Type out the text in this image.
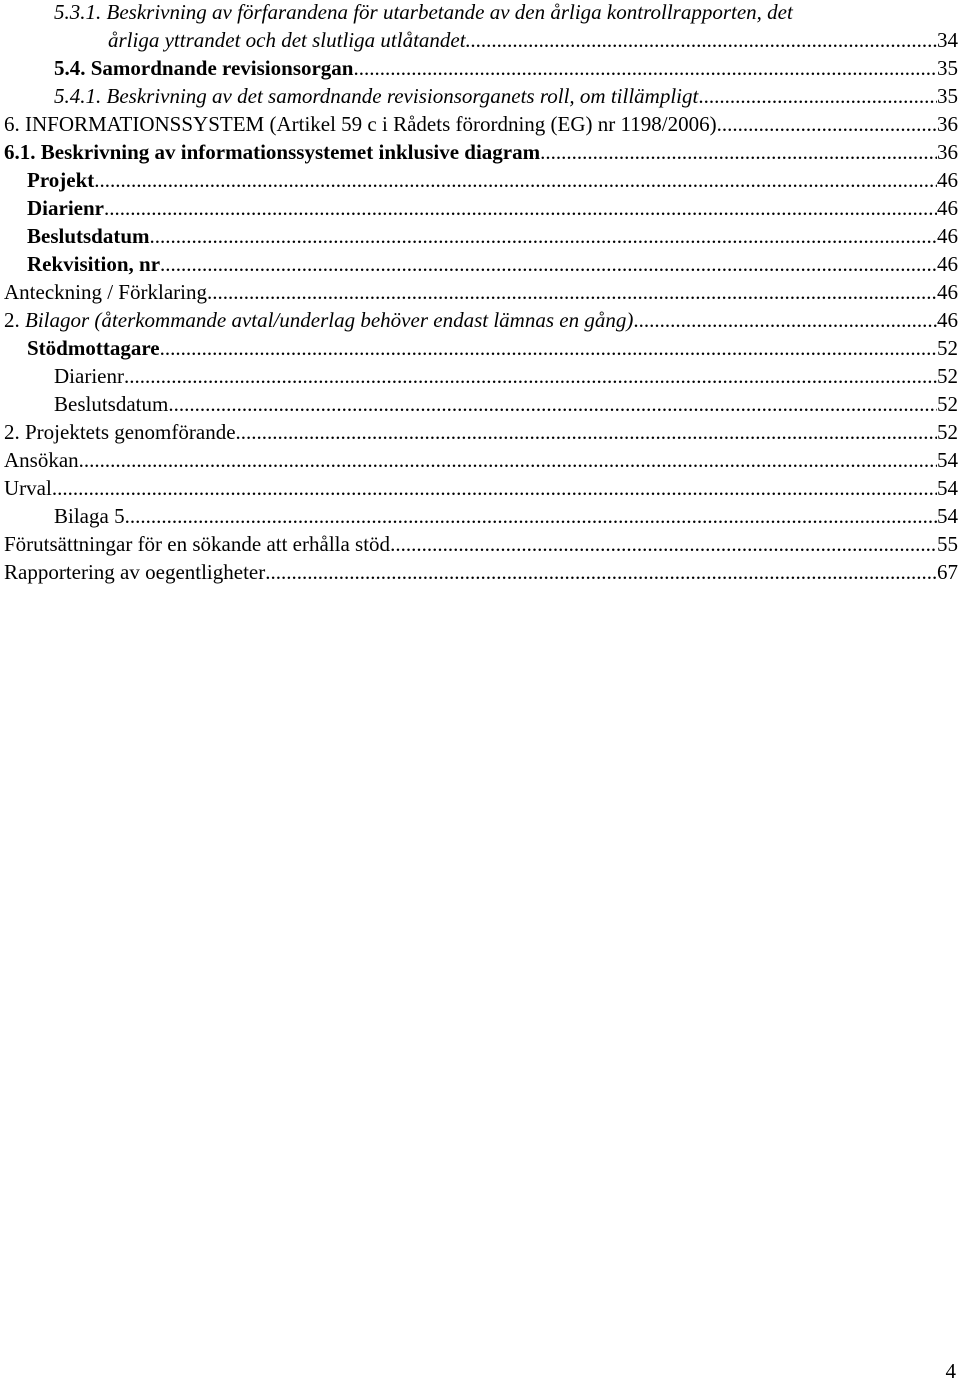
5.3.1. Beskrivning av förfarandena för utarbetande av den årliga kontrollrapporten, det
årliga yttrandet och det slutliga utlåtandet .....	34
5.4. Samordnande revisionsorgan .....	35
5.4.1. Beskrivning av det samordnande revisionsorganets roll, om tillämpligt .....	35
6. INFORMATIONSSYSTEM (Artikel 59 c i Rådets förordning (EG) nr 1198/2006) .....	36
6.1. Beskrivning av informationssystemet inklusive diagram .....	36
Projekt .....	46
Diarienr .....	46
Beslutsdatum .....	46
Rekvisition, nr .....	46
Anteckning / Förklaring .....	46
2. Bilagor (återkommande avtal/underlag behöver endast lämnas en gång) .....	46
Stödmottagare .....	52
Diarienr .....	52
Beslutsdatum .....	52
2. Projektets genomförande .....	52
Ansökan .....	54
Urval .....	54
Bilaga 5 .....	54
Förutsättningar för en sökande att erhålla stöd .....	55
Rapportering av oegentligheter .....	67
4
